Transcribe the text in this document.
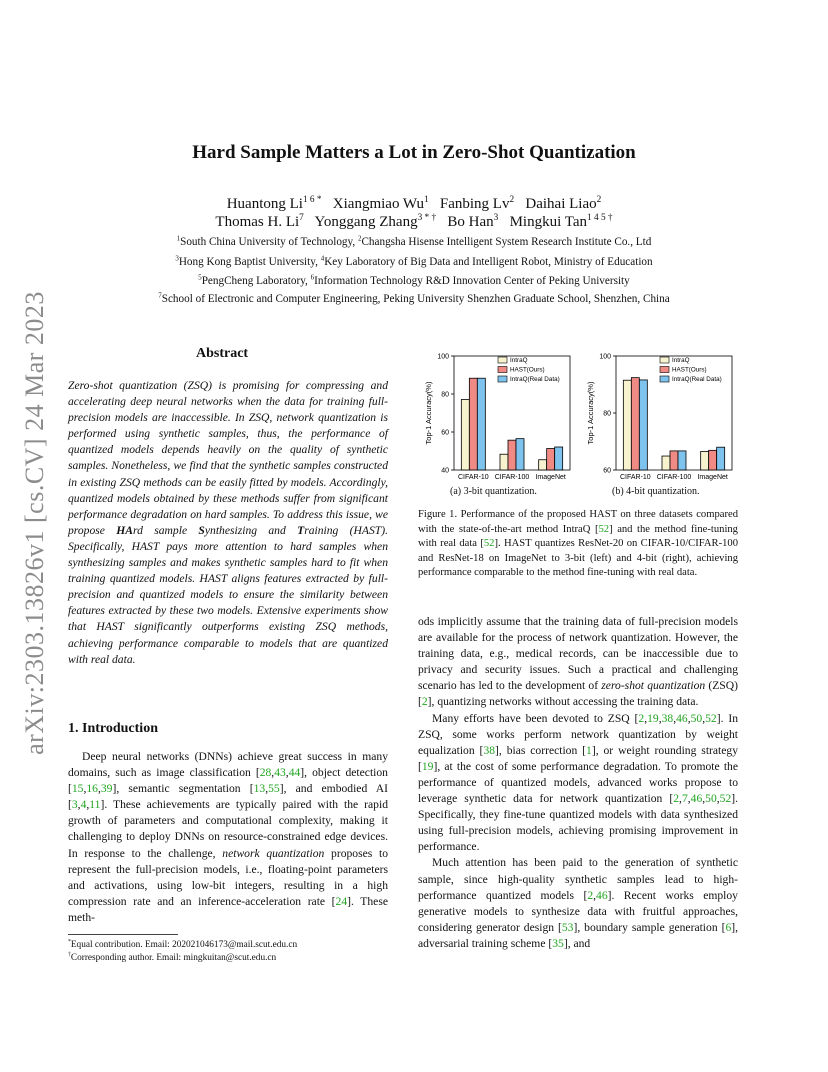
arXiv:2303.13826v1 [cs.CV] 24 Mar 2023
Hard Sample Matters a Lot in Zero-Shot Quantization
Huantong $Li^{1 6 *}$ Xiangmiao Wu$^1$ Fanbing Lv$^2$ Daihai Liao$^2$
Thomas H. Li$^7$ Yonggang Zhang$^{3 * \dagger}$ Bo Han$^3$ Mingkui Tan$^{1 4 5 \dagger}$
$^1$South China University of Technology, $^2$Changsha Hisense Intelligent System Research Institute Co., Ltd
$^3$Hong Kong Baptist University, $^4$Key Laboratory of Big Data and Intelligent Robot, Ministry of Education
$^5$PengCheng Laboratory, $^6$Information Technology R&D Innovation Center of Peking University
$^7$School of Electronic and Computer Engineering, Peking University Shenzhen Graduate School, Shenzhen, China
Abstract
Zero-shot quantization (ZSQ) is promising for compressing and accelerating deep neural networks when the data for training full-precision models are inaccessible. In ZSQ, network quantization is performed using synthetic samples, thus, the performance of quantized models depends heavily on the quality of synthetic samples. Nonetheless, we find that the synthetic samples constructed in existing ZSQ methods can be easily fitted by models. Accordingly, quantized models obtained by these methods suffer from significant performance degradation on hard samples. To address this issue, we propose HArd sample Synthesizing and Training (HAST). Specifically, HAST pays more attention to hard samples when synthesizing samples and makes synthetic samples hard to fit when training quantized models. HAST aligns features extracted by full-precision and quantized models to ensure the similarity between features extracted by these two models. Extensive experiments show that HAST significantly outperforms existing ZSQ methods, achieving performance comparable to models that are quantized with real data.
1. Introduction

Deep neural networks (DNNs) achieve great success in many domains, such as image classification [28,43,44], object detection [15,16,39], semantic segmentation [13,55], and embodied AI [3,4,11]. These achievements are typically paired with the rapid growth of parameters and computational complexity, making it challenging to deploy DNNs on resource-constrained edge devices. In response to the challenge, network quantization proposes to represent the full-precision models, i.e., floating-point parameters and activations, using low-bit integers, resulting in a high compression rate and an inference-acceleration rate [24]. These meth-

*Equal contribution. Email: 202021046173@mail.scut.edu.cn
†Corresponding author. Email: mingkuitan@scut.edu.cn
40
60
80
100
Top-1 Accuracy(%)
CIFAR-10 CIFAR-100 ImageNet
IntraQ
HAST(Ours)
IntraQ(Real Data)
60
80
100
Top-1 Accuracy(%)
CIFAR-10 CIFAR-100 ImageNet
IntraQ
HAST(Ours)
IntraQ(Real Data)
(a) 3-bit quantization.	(b) 4-bit quantization.
Figure 1. Performance of the proposed HAST on three datasets compared with the state-of-the-art method IntraQ [52] and the method fine-tuning with real data [52]. HAST quantizes ResNet-20 on CIFAR-10/CIFAR-100 and ResNet-18 on ImageNet to 3-bit (left) and 4-bit (right), achieving performance comparable to the method fine-tuning with real data.

ods implicitly assume that the training data of full-precision models are available for the process of network quantization. However, the training data, e.g., medical records, can be inaccessible due to privacy and security issues. Such a practical and challenging scenario has led to the development of zero-shot quantization (ZSQ) [2], quantizing networks without accessing the training data.

Many efforts have been devoted to ZSQ [2,19,38,46,50,52]. In ZSQ, some works perform network quantization by weight equalization [38], bias correction [1], or weight rounding strategy [19], at the cost of some performance degradation. To promote the performance of quantized models, advanced works propose to leverage synthetic data for network quantization [2,7,46,50,52]. Specifically, they fine-tune quantized models with data synthesized using full-precision models, achieving promising improvement in performance.

Much attention has been paid to the generation of synthetic sample, since high-quality synthetic samples lead to high-performance quantized models [2,46]. Recent works employ generative models to synthesize data with fruitful approaches, considering generator design [53], boundary sample generation [6], adversarial training scheme [35], and
